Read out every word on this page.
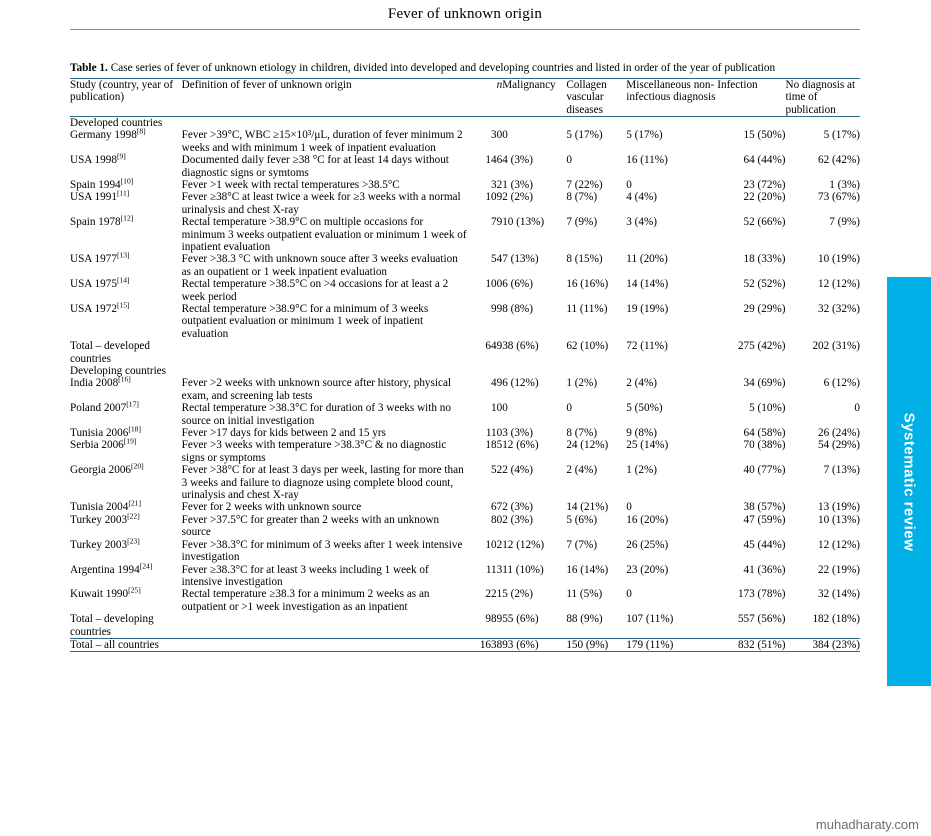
Fever of unknown origin
Table 1. Case series of fever of unknown etiology in children, divided into developed and developing countries and listed in order of the year of publication
Study (country, year of publication)	Definition of fever of unknown origin	n	Malignancy	Collagen vascular diseases	Miscellaneous non-infectious diagnosis	Infection	No diagnosis at time of publication
Developed countries							
Germany 1998[8]	Fever >39°C, WBC ≥15×10³/μL, duration of fever minimum 2 weeks and with minimum 1 week of inpatient evaluation	30	0	5 (17%)	5 (17%)	15 (50%)	5 (17%)
USA 1998[9]	Documented daily fever ≥38 °C for at least 14 days without diagnostic signs or symtoms	146	4 (3%)	0	16 (11%)	64 (44%)	62 (42%)
Spain 1994[10]	Fever >1 week with rectal temperatures >38.5°C	32	1 (3%)	7 (22%)	0	23 (72%)	1 (3%)
USA 1991[11]	Fever ≥38°C at least twice a week for ≥3 weeks with a normal urinalysis and chest X-ray	109	2 (2%)	8 (7%)	4 (4%)	22 (20%)	73 (67%)
Spain 1978[12]	Rectal temperature >38.9°C on multiple occasions for minimum 3 weeks outpatient evaluation or minimum 1 week of inpatient evaluation	79	10 (13%)	7 (9%)	3 (4%)	52 (66%)	7 (9%)
USA 1977[13]	Fever >38.3 °C with unknown souce after 3 weeks evaluation as an oupatient or 1 week inpatient evaluation	54	7 (13%)	8 (15%)	11 (20%)	18 (33%)	10 (19%)
USA 1975[14]	Rectal temperature >38.5°C on >4 occasions for at least a 2 week period	100	6 (6%)	16 (16%)	14 (14%)	52 (52%)	12 (12%)
USA 1972[15]	Rectal temperature >38.9°C for a minimum of 3 weeks outpatient evaluation or minimum 1 week of inpatient evaluation	99	8 (8%)	11 (11%)	19 (19%)	29 (29%)	32 (32%)
Total – developed countries		649	38 (6%)	62 (10%)	72 (11%)	275 (42%)	202 (31%)
Developing countries							
India 2008[16]	Fever >2 weeks with unknown source after history, physical exam, and screening lab tests	49	6 (12%)	1 (2%)	2 (4%)	34 (69%)	6 (12%)
Poland 2007[17]	Rectal temperature >38.3°C for duration of 3 weeks with no source on initial investigation	10	0	0	5 (50%)	5 (10%)	0
Tunisia 2006[18]	Fever >17 days for kids between 2 and 15 yrs	110	3 (3%)	8 (7%)	9 (8%)	64 (58%)	26 (24%)
Serbia 2006[19]	Fever >3 weeks with temperature >38.3°C & no diagnostic signs or symptoms	185	12 (6%)	24 (12%)	25 (14%)	70 (38%)	54 (29%)
Georgia 2006[20]	Fever >38°C for at least 3 days per week, lasting for more than 3 weeks and failure to diagnoze using complete blood count, urinalysis and chest X-ray	52	2 (4%)	2 (4%)	1 (2%)	40 (77%)	7 (13%)
Tunisia 2004[21]	Fever for 2 weeks with unknown source	67	2 (3%)	14 (21%)	0	38 (57%)	13 (19%)
Turkey 2003[22]	Fever >37.5°C for greater than 2 weeks with an unknown source	80	2 (3%)	5 (6%)	16 (20%)	47 (59%)	10 (13%)
Turkey 2003[23]	Fever >38.3°C for minimum of 3 weeks after 1 week intensive investigation	102	12 (12%)	7 (7%)	26 (25%)	45 (44%)	12 (12%)
Argentina 1994[24]	Fever ≥38.3°C for at least 3 weeks including 1 week of intensive investigation	113	11 (10%)	16 (14%)	23 (20%)	41 (36%)	22 (19%)
Kuwait 1990[25]	Rectal temperature ≥38.3 for a minimum 2 weeks as an outpatient or >1 week investigation as an inpatient	221	5 (2%)	11 (5%)	0	173 (78%)	32 (14%)
Total – developing countries		989	55 (6%)	88 (9%)	107 (11%)	557 (56%)	182 (18%)
Total – all countries		1638	93 (6%)	150 (9%)	179 (11%)	832 (51%)	384 (23%)
Systematic review
muhadharaty.com
